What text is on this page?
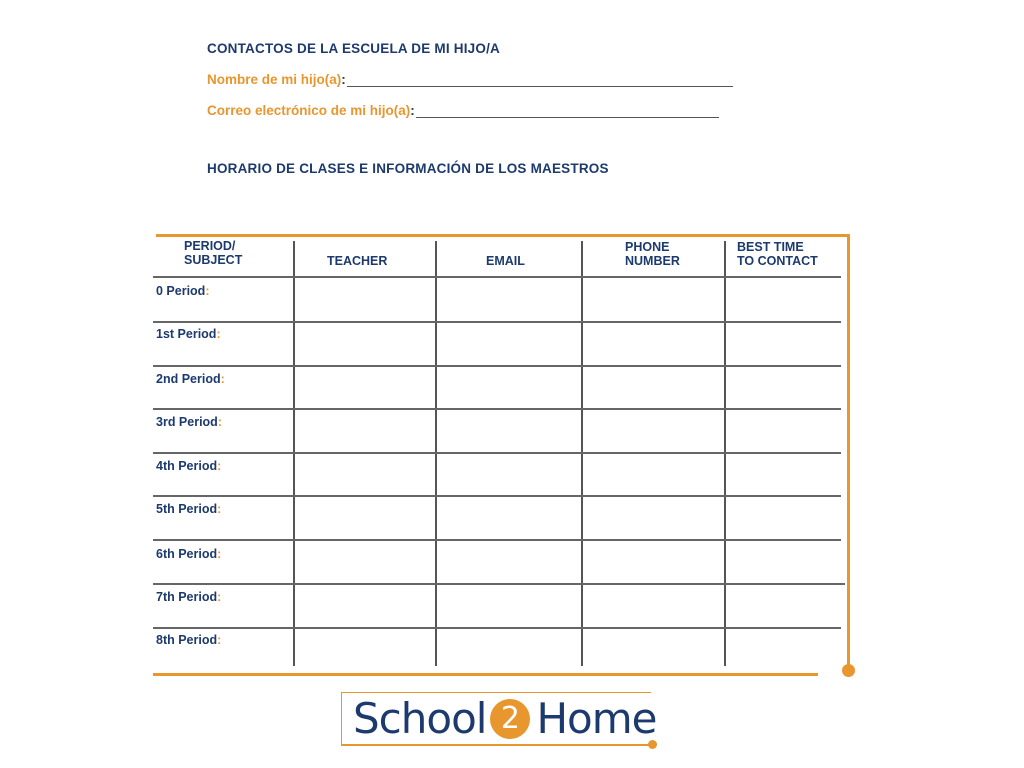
CONTACTOS DE LA ESCUELA DE MI HIJO/A
Nombre de mi hijo(a) :
Correo electrónico de mi hijo(a) :
HORARIO DE CLASES E INFORMACIÓN DE LOS MAESTROS
PERIOD/
SUBJECT	TEACHER	EMAIL
PHONE
NUMBER
BEST TIME
TO CONTACT
0 Period:
1st Period:
2nd Period:
3rd Period:
4th Period:
5th Period:
6th Period:
7th Period:
8th Period:
School 2 Home
